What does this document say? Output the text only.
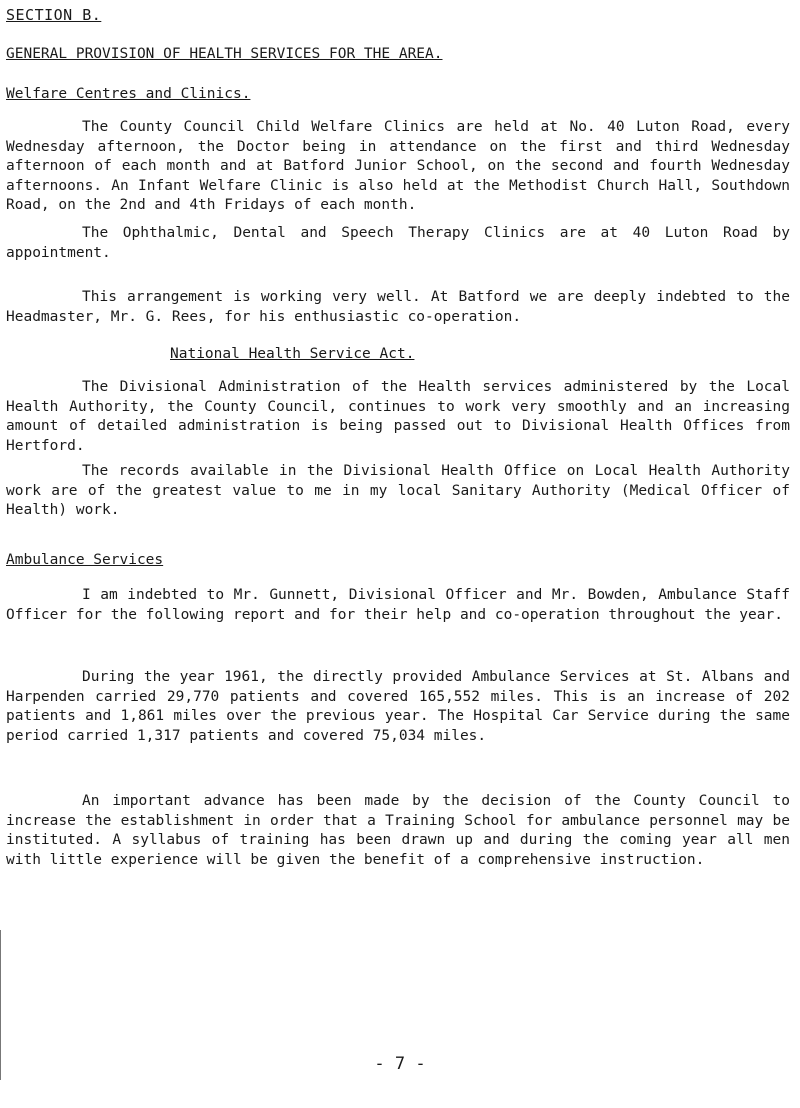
SECTION B.
GENERAL PROVISION OF HEALTH SERVICES FOR THE AREA.
Welfare Centres and Clinics.

The County Council Child Welfare Clinics are held at No. 40 Luton Road, every Wednesday afternoon, the Doctor being in attendance on the first and third Wednesday afternoon of each month and at Batford Junior School, on the second and fourth Wednesday afternoons. An Infant Welfare Clinic is also held at the Methodist Church Hall, Southdown Road, on the 2nd and 4th Fridays of each month.

The Ophthalmic, Dental and Speech Therapy Clinics are at 40 Luton Road by appointment.

This arrangement is working very well. At Batford we are deeply indebted to the Headmaster, Mr. G. Rees, for his enthusiastic co-operation.

National Health Service Act.

The Divisional Administration of the Health services administered by the Local Health Authority, the County Council, continues to work very smoothly and an increasing amount of detailed administration is being passed out to Divisional Health Offices from Hertford.

The records available in the Divisional Health Office on Local Health Authority work are of the greatest value to me in my local Sanitary Authority (Medical Officer of Health) work.

Ambulance Services

I am indebted to Mr. Gunnett, Divisional Officer and Mr. Bowden, Ambulance Staff Officer for the following report and for their help and co-operation throughout the year.

During the year 1961, the directly provided Ambulance Services at St. Albans and Harpenden carried 29,770 patients and covered 165,552 miles. This is an increase of 202 patients and 1,861 miles over the previous year. The Hospital Car Service during the same period carried 1,317 patients and covered 75,034 miles.

An important advance has been made by the decision of the County Council to increase the establishment in order that a Training School for ambulance personnel may be instituted. A syllabus of training has been drawn up and during the coming year all men with little experience will be given the benefit of a comprehensive instruction.

- 7 -
